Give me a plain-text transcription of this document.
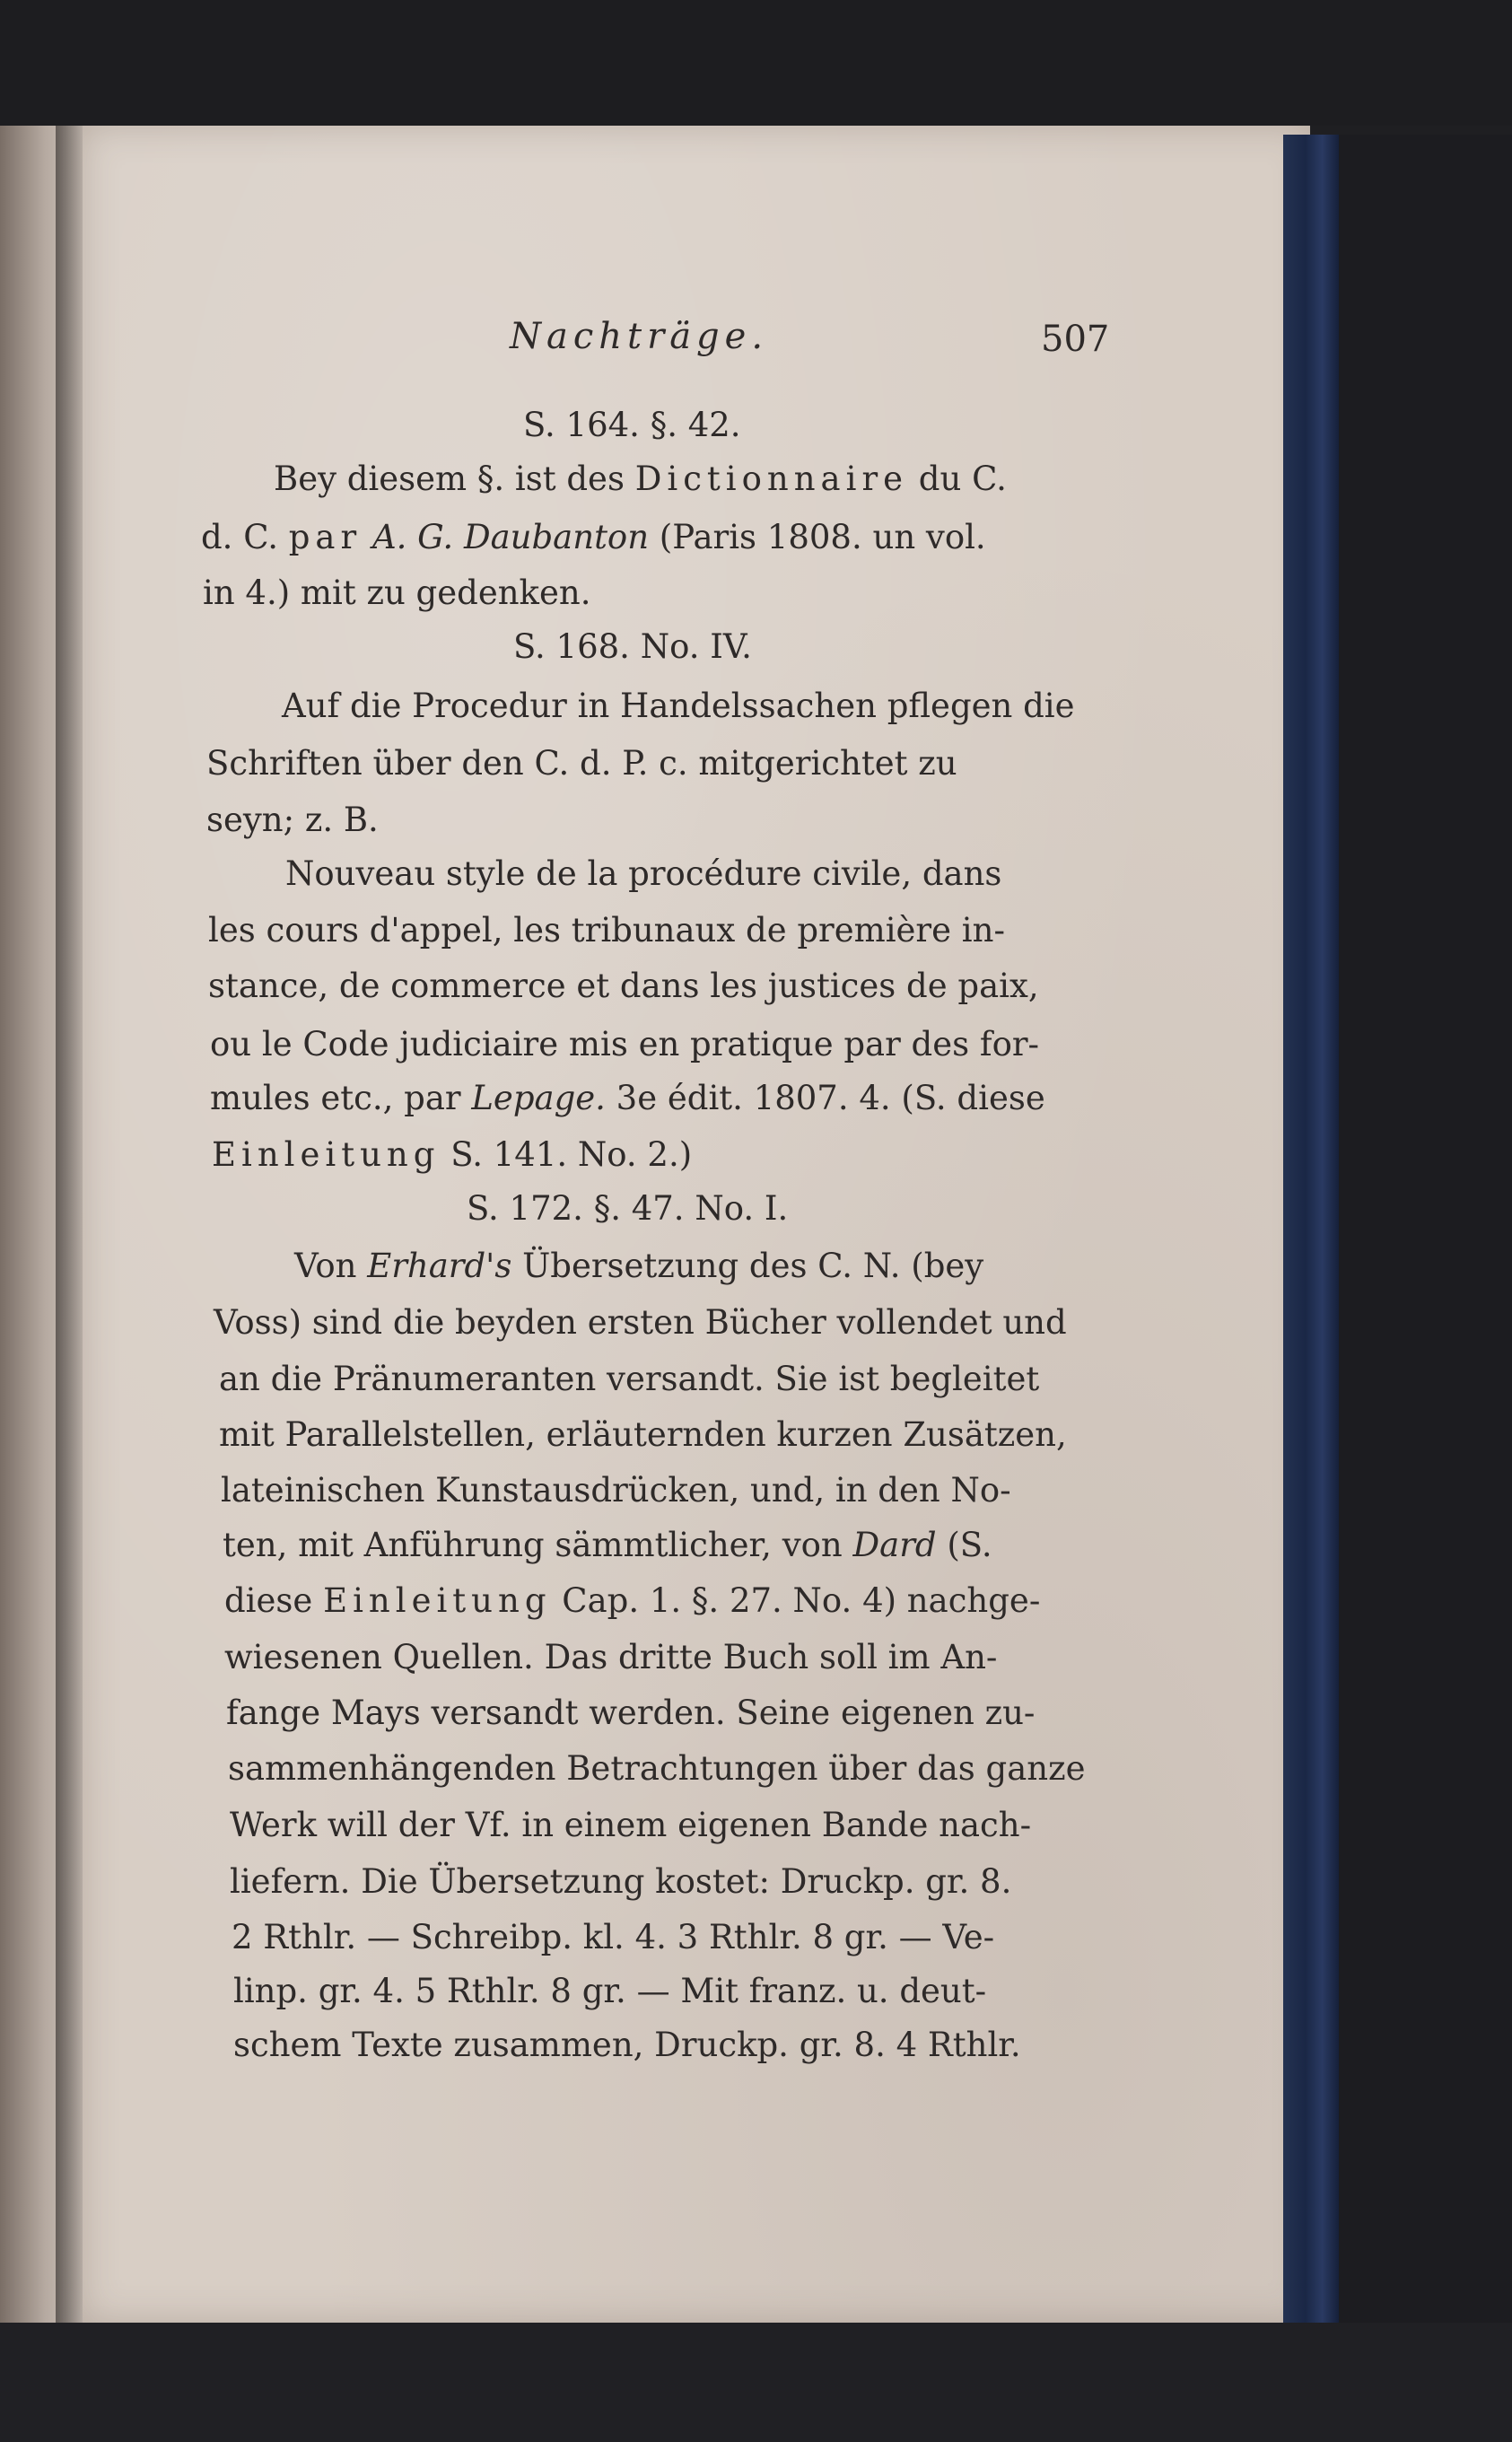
Nachträge.	507
S. 164. §. 42.
Bey diesem §. ist des Dictionnaire du C.
d. C. par A. G. Daubanton (Paris 1808. un vol.
in 4.) mit zu gedenken.
S. 168. No. IV.
Auf die Procedur in Handelssachen pflegen die
Schriften über den C. d. P. c. mitgerichtet zu
seyn; z. B.
Nouveau style de la procédure civile, dans
les cours d'appel, les tribunaux de première in-
stance, de commerce et dans les justices de paix,
ou le Code judiciaire mis en pratique par des for-
mules etc., par Lepage. 3e édit. 1807. 4. (S. diese
Einleitung S. 141. No. 2.)
S. 172. §. 47. No. I.
Von Erhard's Übersetzung des C. N. (bey
Voss) sind die beyden ersten Bücher vollendet und
an die Pränumeranten versandt. Sie ist begleitet
mit Parallelstellen, erläuternden kurzen Zusätzen,
lateinischen Kunstausdrücken, und, in den No-
ten, mit Anführung sämmtlicher, von Dard (S.
diese Einleitung Cap. 1. §. 27. No. 4) nachge-
wiesenen Quellen. Das dritte Buch soll im An-
fange Mays versandt werden. Seine eigenen zu-
sammenhängenden Betrachtungen über das ganze
Werk will der Vf. in einem eigenen Bande nach-
liefern. Die Übersetzung kostet: Druckp. gr. 8.
2 Rthlr. — Schreibp. kl. 4. 3 Rthlr. 8 gr. — Ve-
linp. gr. 4. 5 Rthlr. 8 gr. — Mit franz. u. deut-
schem Texte zusammen, Druckp. gr. 8. 4 Rthlr.
